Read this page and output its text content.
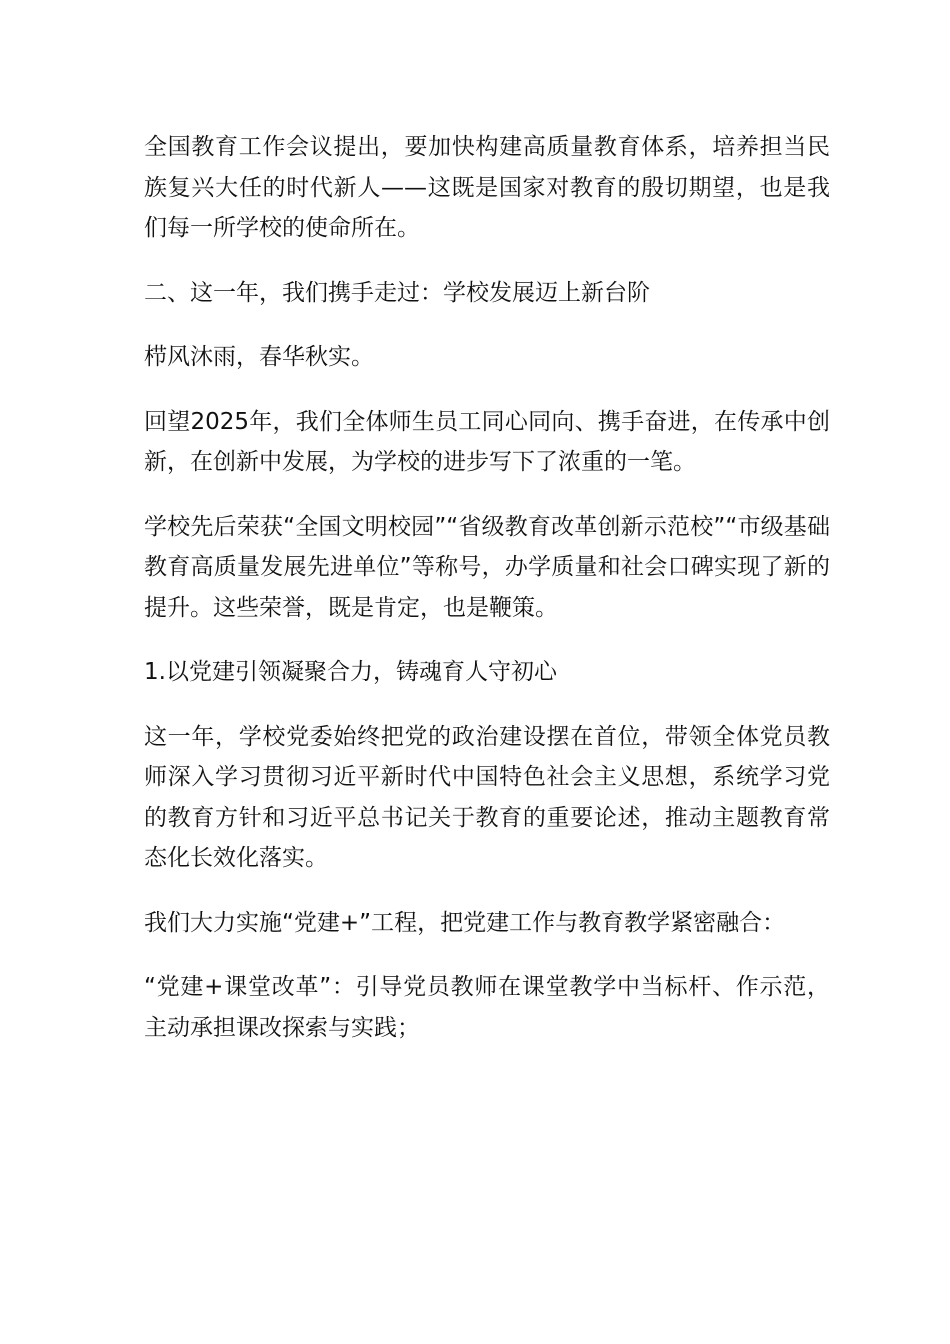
全国教育工作会议提出，要加快构建高质量教育体系，培养担当民族复兴大任的时代新人——这既是国家对教育的殷切期望，也是我们每一所学校的使命所在。

二、这一年，我们携手走过：学校发展迈上新台阶

栉风沐雨，春华秋实。

回望2025年，我们全体师生员工同心同向、携手奋进，在传承中创新，在创新中发展，为学校的进步写下了浓重的一笔。

学校先后荣获“全国文明校园”“省级教育改革创新示范校”“市级基础教育高质量发展先进单位”等称号，办学质量和社会口碑实现了新的提升。这些荣誉，既是肯定，也是鞭策。

1.以党建引领凝聚合力，铸魂育人守初心

这一年，学校党委始终把党的政治建设摆在首位，带领全体党员教师深入学习贯彻习近平新时代中国特色社会主义思想，系统学习党的教育方针和习近平总书记关于教育的重要论述，推动主题教育常态化长效化落实。

我们大力实施“党建+”工程，把党建工作与教育教学紧密融合：

“党建+课堂改革”：引导党员教师在课堂教学中当标杆、作示范，主动承担课改探索与实践；
